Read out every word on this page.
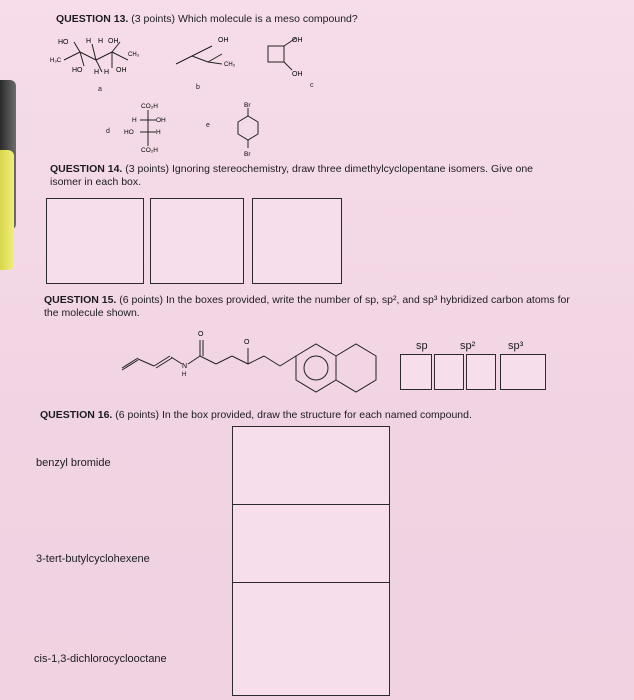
QUESTION 13. (3 points) Which molecule is a meso compound?
HO	H H OH
CH₃
H₃C
HO H H OH
a
OH
CH₃
b
OH
OH
c
d
CO₂H
H	OH
HO	H
CO₂H
e
Br
Br
QUESTION 14. (3 points) Ignoring stereochemistry, draw three dimethylcyclopentane isomers. Give one isomer in each box.
QUESTION 15. (6 points) In the boxes provided, write the number of sp, sp², and sp³ hybridized carbon atoms for the molecule shown.
O
O
N
H
sp	sp²	sp³
QUESTION 16. (6 points) In the box provided, draw the structure for each named compound.
benzyl bromide
3-tert-butylcyclohexene
cis-1,3-dichlorocyclooctane
